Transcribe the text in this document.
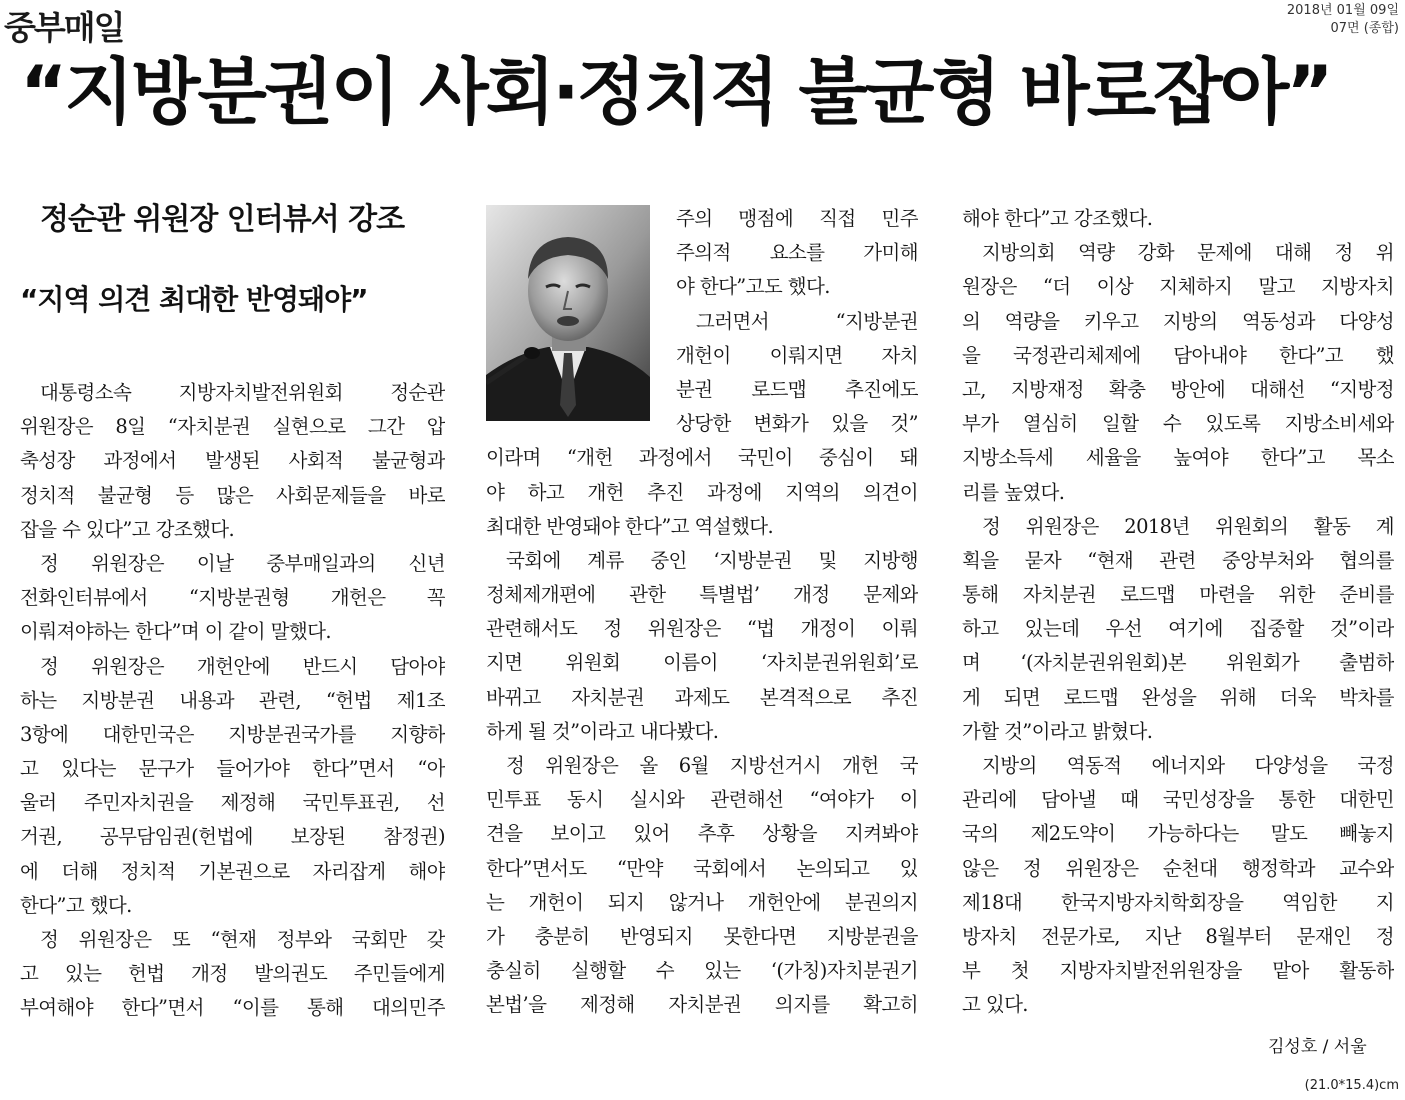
중부매일	2018년 01월 09일
07면 (종합)
“지방분권이 사회·정치적 불균형 바로잡아”
정순관 위원장 인터뷰서 강조
“지역 의견 최대한 반영돼야”
대통령소속 지방자치발전위원회 정순관
위원장은 8일 “자치분권 실현으로 그간 압
축성장 과정에서 발생된 사회적 불균형과
정치적 불균형 등 많은 사회문제들을 바로
잡을 수 있다”고 강조했다.
정 위원장은 이날 중부매일과의 신년
전화인터뷰에서 “지방분권형 개헌은 꼭
이뤄져야하는 한다”며 이 같이 말했다.
정 위원장은 개헌안에 반드시 담아야
하는 지방분권 내용과 관련, “헌법 제1조
3항에 대한민국은 지방분권국가를 지향하
고 있다는 문구가 들어가야 한다”면서 “아
울러 주민자치권을 제정해 국민투표권, 선
거권, 공무담임권(헌법에 보장된 참정권)
에 더해 정치적 기본권으로 자리잡게 해야
한다”고 했다.
정 위원장은 또 “현재 정부와 국회만 갖
고 있는 헌법 개정 발의권도 주민들에게
부여해야 한다”면서 “이를 통해 대의민주
주의 맹점에 직접 민주
주의적 요소를 가미해
야 한다”고도 했다.
그러면서 “지방분권
개헌이 이뤄지면 자치
분권 로드맵 추진에도
상당한 변화가 있을 것”
이라며 “개헌 과정에서 국민이 중심이 돼
야 하고 개헌 추진 과정에 지역의 의견이
최대한 반영돼야 한다”고 역설했다.
국회에 계류 중인 ‘지방분권 및 지방행
정체제개편에 관한 특별법’ 개정 문제와
관련해서도 정 위원장은 “법 개정이 이뤄
지면 위원회 이름이 ‘자치분권위원회’로
바뀌고 자치분권 과제도 본격적으로 추진
하게 될 것”이라고 내다봤다.
정 위원장은 올 6월 지방선거시 개헌 국
민투표 동시 실시와 관련해선 “여야가 이
견을 보이고 있어 추후 상황을 지켜봐야
한다”면서도 “만약 국회에서 논의되고 있
는 개헌이 되지 않거나 개헌안에 분권의지
가 충분히 반영되지 못한다면 지방분권을
충실히 실행할 수 있는 ‘(가칭)자치분권기
본법’을 제정해 자치분권 의지를 확고히
해야 한다”고 강조했다.
지방의회 역량 강화 문제에 대해 정 위
원장은 “더 이상 지체하지 말고 지방자치
의 역량을 키우고 지방의 역동성과 다양성
을 국정관리체제에 담아내야 한다”고 했
고, 지방재정 확충 방안에 대해선 “지방정
부가 열심히 일할 수 있도록 지방소비세와
지방소득세 세율을 높여야 한다”고 목소
리를 높였다.
정 위원장은 2018년 위원회의 활동 계
획을 묻자 “현재 관련 중앙부처와 협의를
통해 자치분권 로드맵 마련을 위한 준비를
하고 있는데 우선 여기에 집중할 것”이라
며 ‘(자치분권위원회)본 위원회가 출범하
게 되면 로드맵 완성을 위해 더욱 박차를
가할 것”이라고 밝혔다.
지방의 역동적 에너지와 다양성을 국정
관리에 담아낼 때 국민성장을 통한 대한민
국의 제2도약이 가능하다는 말도 빼놓지
않은 정 위원장은 순천대 행정학과 교수와
제18대 한국지방자치학회장을 역임한 지
방자치 전문가로, 지난 8월부터 문재인 정
부 첫 지방자치발전위원장을 맡아 활동하
고 있다.
김성호 / 서울
(21.0*15.4)cm
